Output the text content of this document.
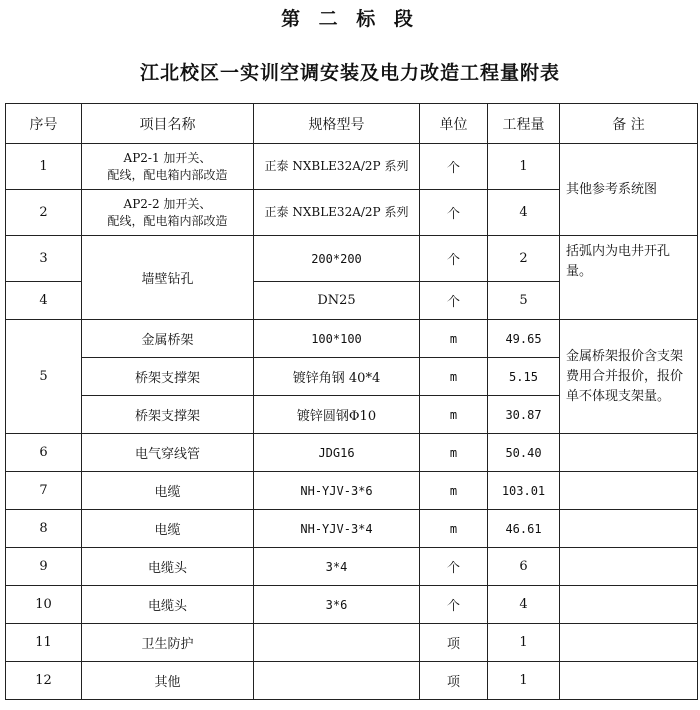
第 二 标 段
江北校区一实训空调安装及电力改造工程量附表
序号	项目名称	规格型号	单位	工程量	备 注
1	AP2-1 加开关、
配线，配电箱内部改造	正泰 NXBLE32A/2P 系列	个	1	其他参考系统图
2	AP2-2 加开关、
配线，配电箱内部改造	正泰 NXBLE32A/2P 系列	个	4	
3	墙壁钻孔	200*200	个	2	括弧内为电井开孔量。
4		DN25	个	5	
5	金属桥架	100*100	m	49.65	金属桥架报价含支架费用合并报价，报价单不体现支架量。
	桥架支撑架	镀锌角钢 40*4	m	5.15	
	桥架支撑架	镀锌圆钢Φ10	m	30.87	
6	电气穿线管	JDG16	m	50.40	
7	电缆	NH-YJV-3*6	m	103.01	
8	电缆	NH-YJV-3*4	m	46.61	
9	电缆头	3*4	个	6	
10	电缆头	3*6	个	4	
11	卫生防护		项	1	
12	其他		项	1	
